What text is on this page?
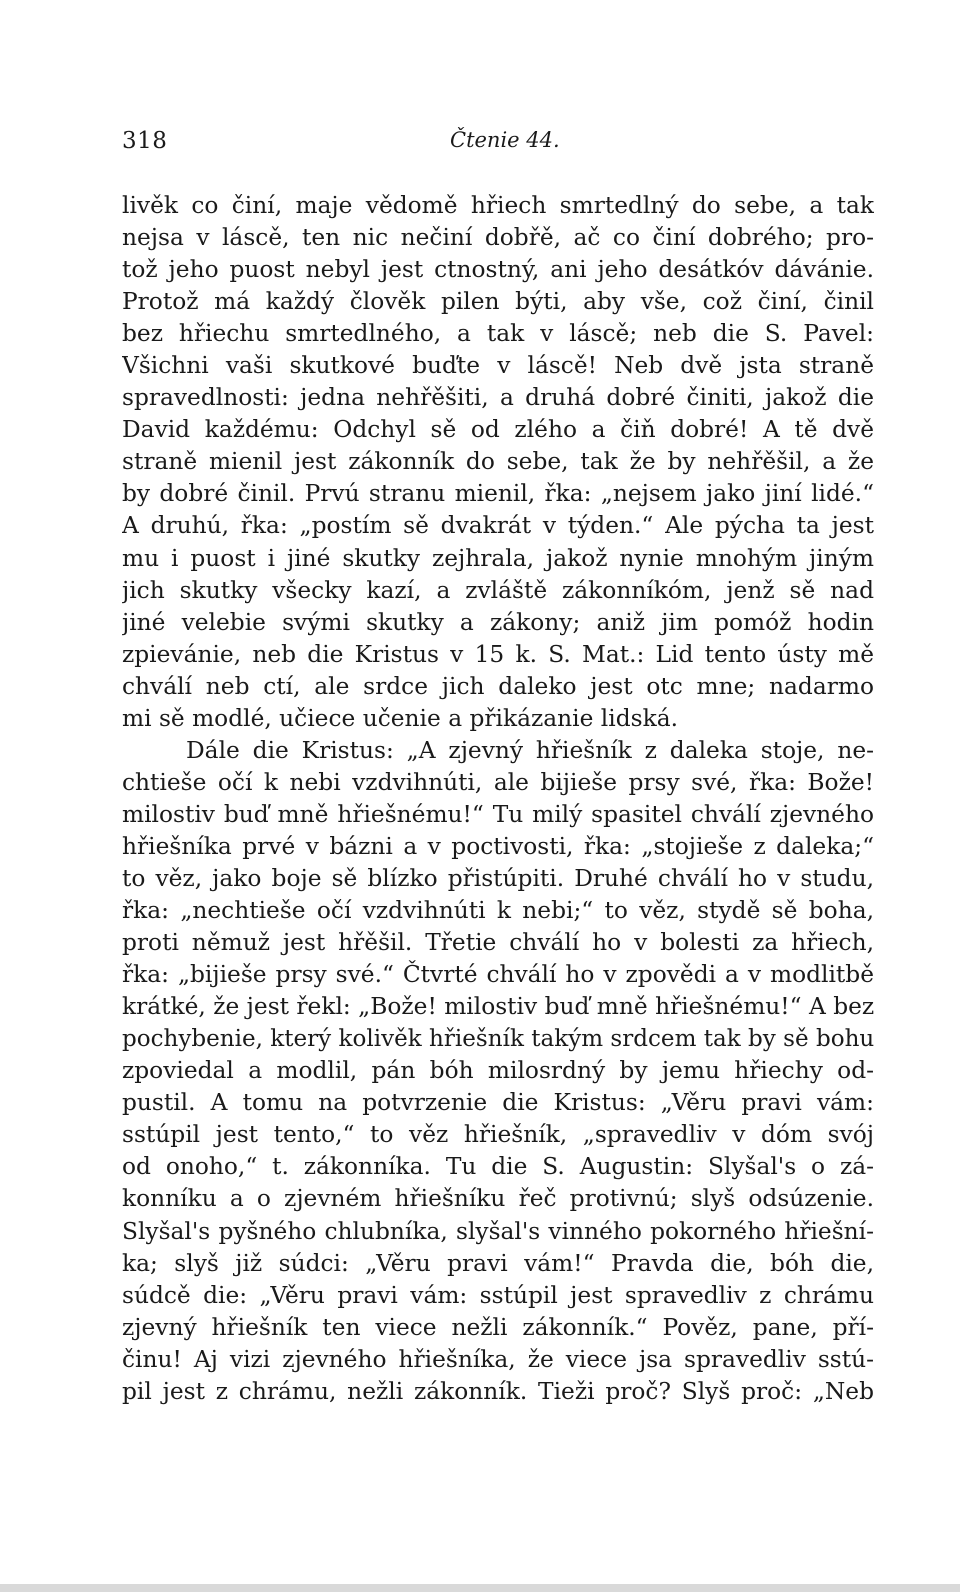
318	Čtenie 44.
livěk co činí, maje vědomě hřiech smrtedlný do sebe, a tak
nejsa v láscě, ten nic nečiní dobřě, ač co činí dobrého; pro-
tož jeho puost nebyl jest ctnostný, ani jeho desátkóv dávánie.
Protož má každý člověk pilen býti, aby vše, což činí, činil
bez hřiechu smrtedlného, a tak v láscě; neb die S. Pavel:
Všichni vaši skutkové buďte v láscě! Neb dvě jsta straně
spravedlnosti: jedna nehřěšiti, a druhá dobré činiti, jakož die
David každému: Odchyl sě od zlého a čiň dobré! A tě dvě
straně mienil jest zákonník do sebe, tak že by nehřěšil, a že
by dobré činil. Prvú stranu mienil, řka: „nejsem jako jiní lidé.“
A druhú, řka: „postím sě dvakrát v týden.“ Ale pýcha ta jest
mu i puost i jiné skutky zejhrala, jakož nynie mnohým jiným
jich skutky všecky kazí, a zvláště zákonníkóm, jenž sě nad
jiné velebie svými skutky a zákony; aniž jim pomóž hodin
zpievánie, neb die Kristus v 15 k. S. Mat.: Lid tento ústy mě
chválí neb ctí, ale srdce jich daleko jest otc mne; nadarmo
mi sě modlé, učiece učenie a přikázanie lidská.
Dále die Kristus: „A zjevný hřiešník z daleka stoje, ne-
chtieše očí k nebi vzdvihnúti, ale bijieše prsy své, řka: Bože!
milostiv buď mně hřiešnému!“ Tu milý spasitel chválí zjevného
hřiešníka prvé v bázni a v poctivosti, řka: „stojieše z daleka;“
to věz, jako boje sě blízko přistúpiti. Druhé chválí ho v studu,
řka: „nechtieše očí vzdvihnúti k nebi;“ to věz, stydě sě boha,
proti němuž jest hřěšil. Třetie chválí ho v bolesti za hřiech,
řka: „bijieše prsy své.“ Čtvrté chválí ho v zpovědi a v modlitbě
krátké, že jest řekl: „Bože! milostiv buď mně hřiešnému!“ A bez
pochybenie, který kolivěk hřiešník takým srdcem tak by sě bohu
zpoviedal a modlil, pán bóh milosrdný by jemu hřiechy od-
pustil. A tomu na potvrzenie die Kristus: „Věru pravi vám:
sstúpil jest tento,“ to věz hřiešník, „spravedliv v dóm svój
od onoho,“ t. zákonníka. Tu die S. Augustin: Slyšal's o zá-
konníku a o zjevném hřiešníku řeč protivnú; slyš odsúzenie.
Slyšal's pyšného chlubníka, slyšal's vinného pokorného hřiešní-
ka; slyš již súdci: „Věru pravi vám!“ Pravda die, bóh die,
súdcě die: „Věru pravi vám: sstúpil jest spravedliv z chrámu
zjevný hřiešník ten viece nežli zákonník.“ Pověz, pane, pří-
činu! Aj vizi zjevného hřiešníka, že viece jsa spravedliv sstú-
pil jest z chrámu, nežli zákonník. Tieži proč? Slyš proč: „Neb
